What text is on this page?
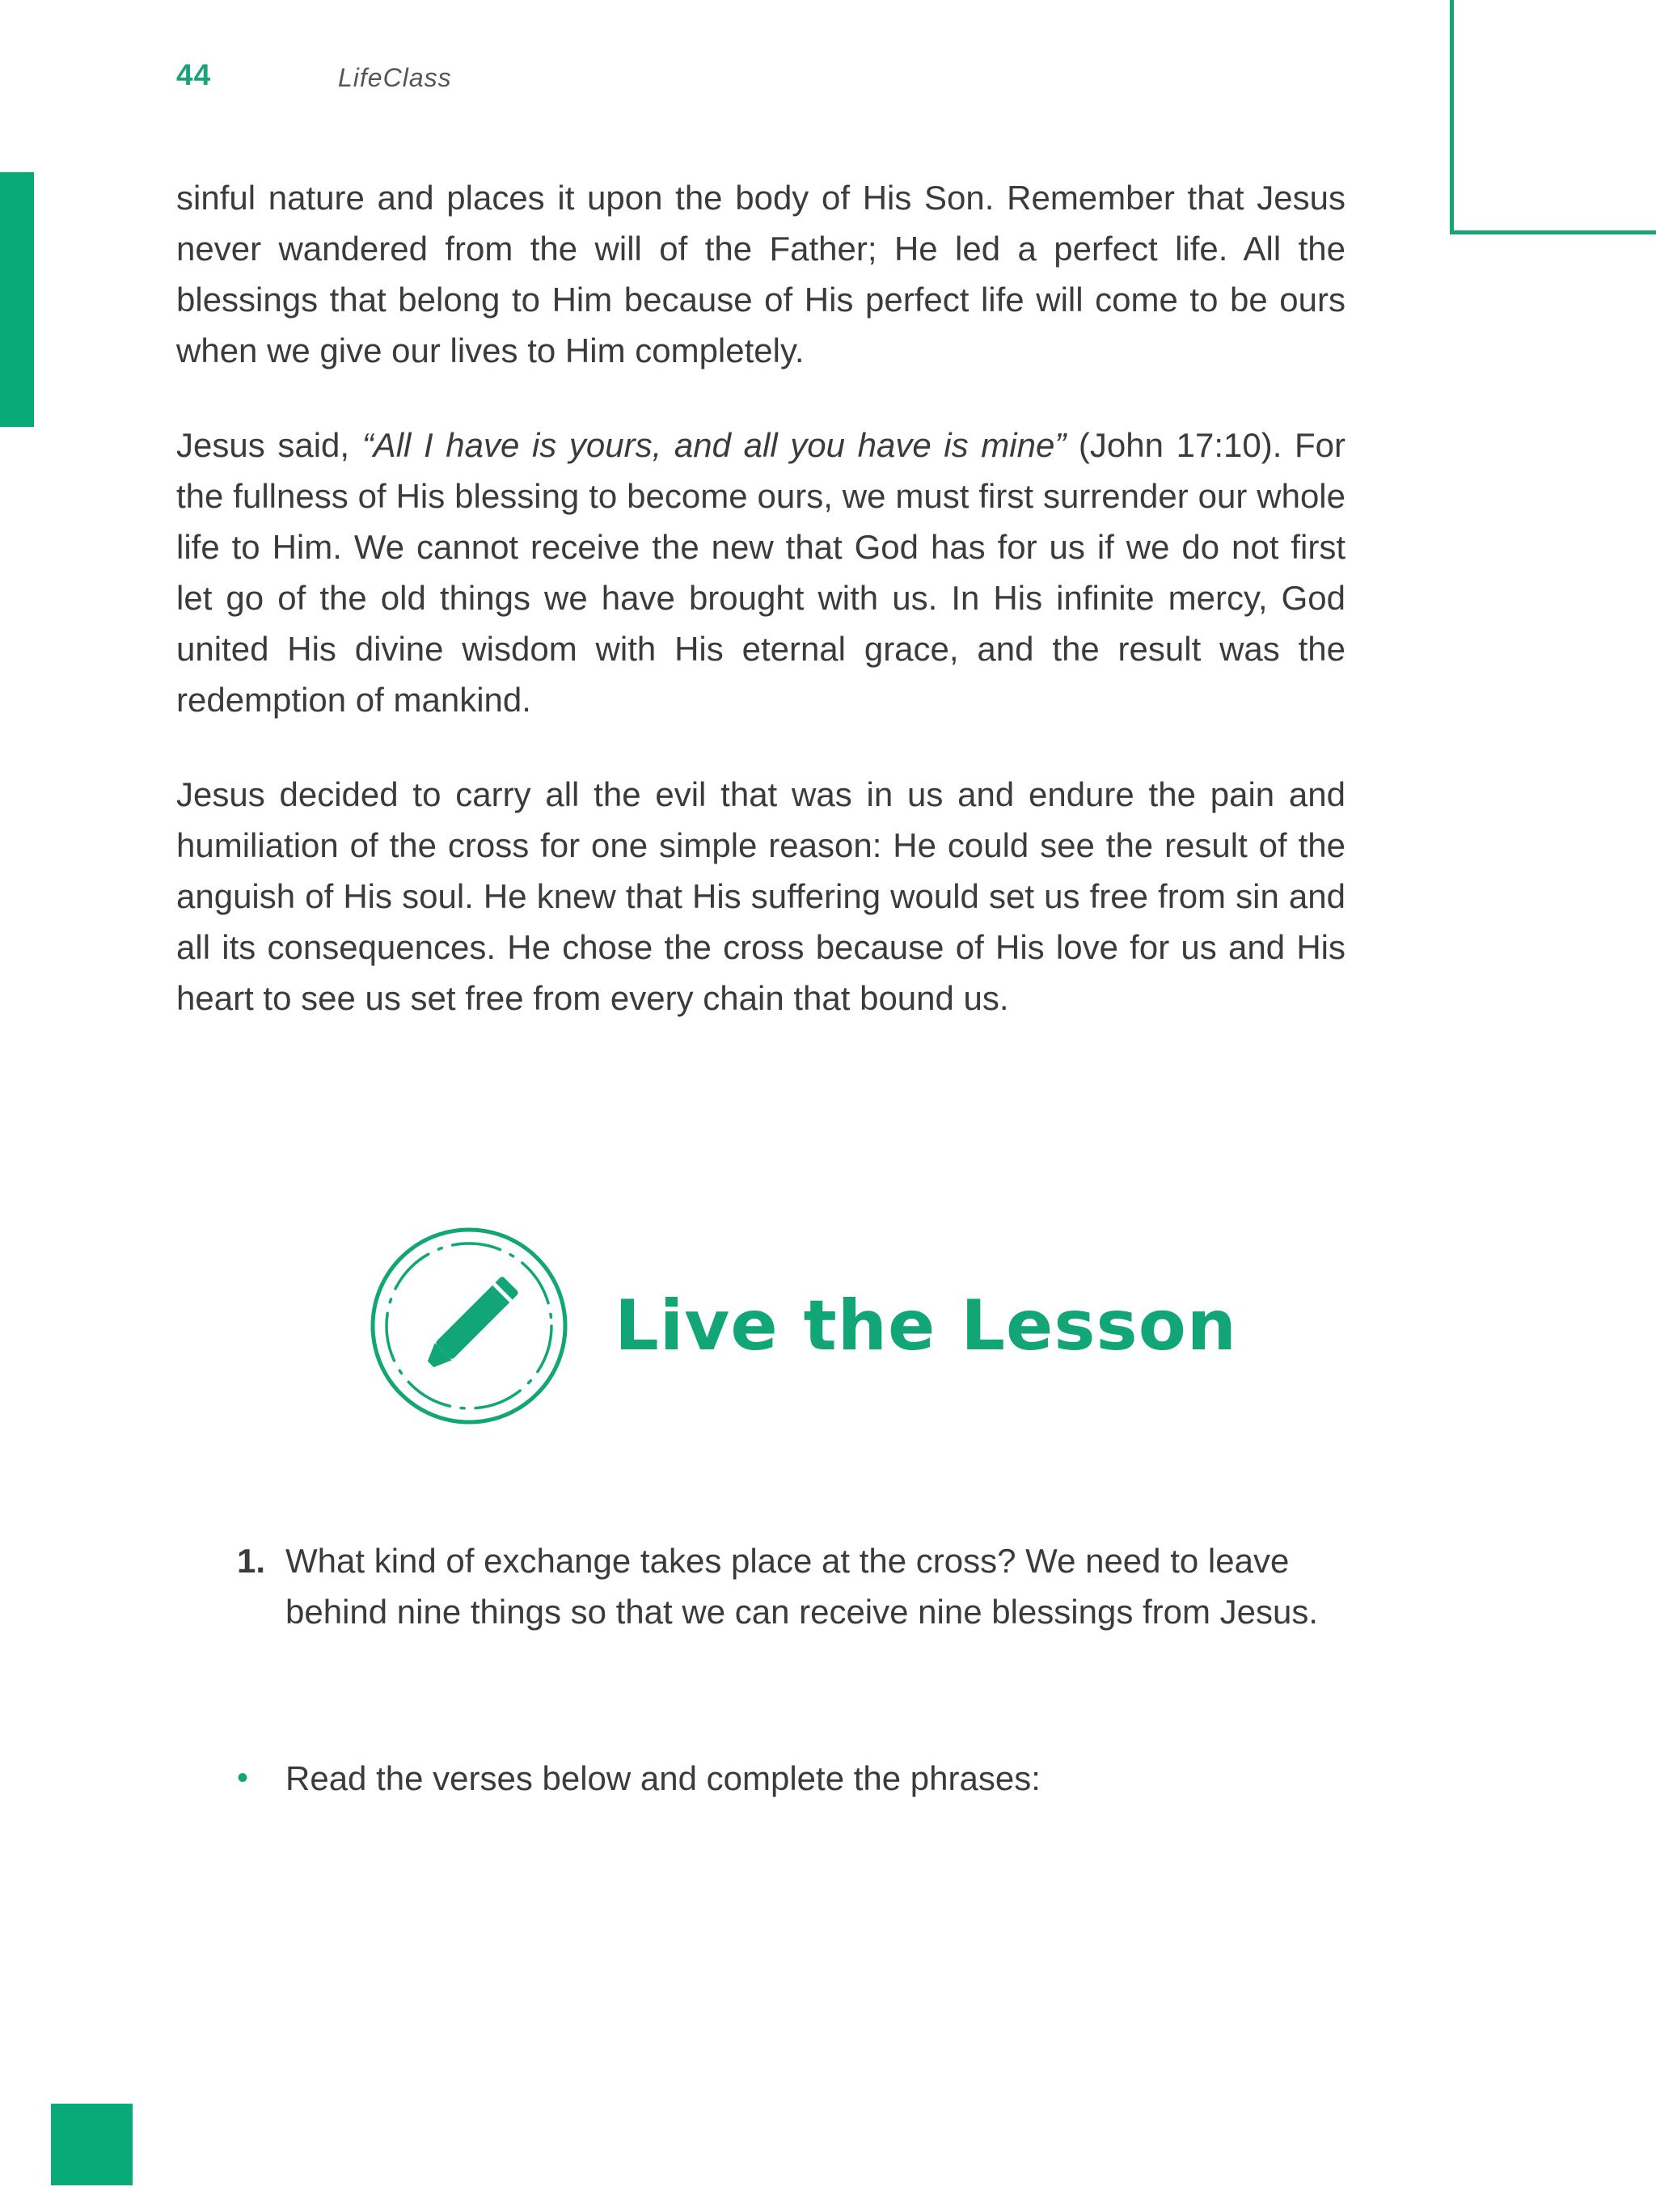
44	LifeClass

sinful nature and places it upon the body of His Son. Remember that Jesus never wandered from the will of the Father; He led a perfect life. All the blessings that belong to Him because of His perfect life will come to be ours when we give our lives to Him completely.

Jesus said, “All I have is yours, and all you have is mine” (John 17:10). For the fullness of His blessing to become ours, we must first surrender our whole life to Him. We cannot receive the new that God has for us if we do not first let go of the old things we have brought with us. In His infinite mercy, God united His divine wisdom with His eternal grace, and the result was the redemption of mankind.

Jesus decided to carry all the evil that was in us and endure the pain and humiliation of the cross for one simple reason: He could see the result of the anguish of His soul. He knew that His suffering would set us free from sin and all its consequences. He chose the cross because of His love for us and His heart to see us set free from every chain that bound us.

Live the Lesson
1. What kind of exchange takes place at the cross? We need to leave behind nine things so that we can receive nine blessings from Jesus.
•	Read the verses below and complete the phrases:
